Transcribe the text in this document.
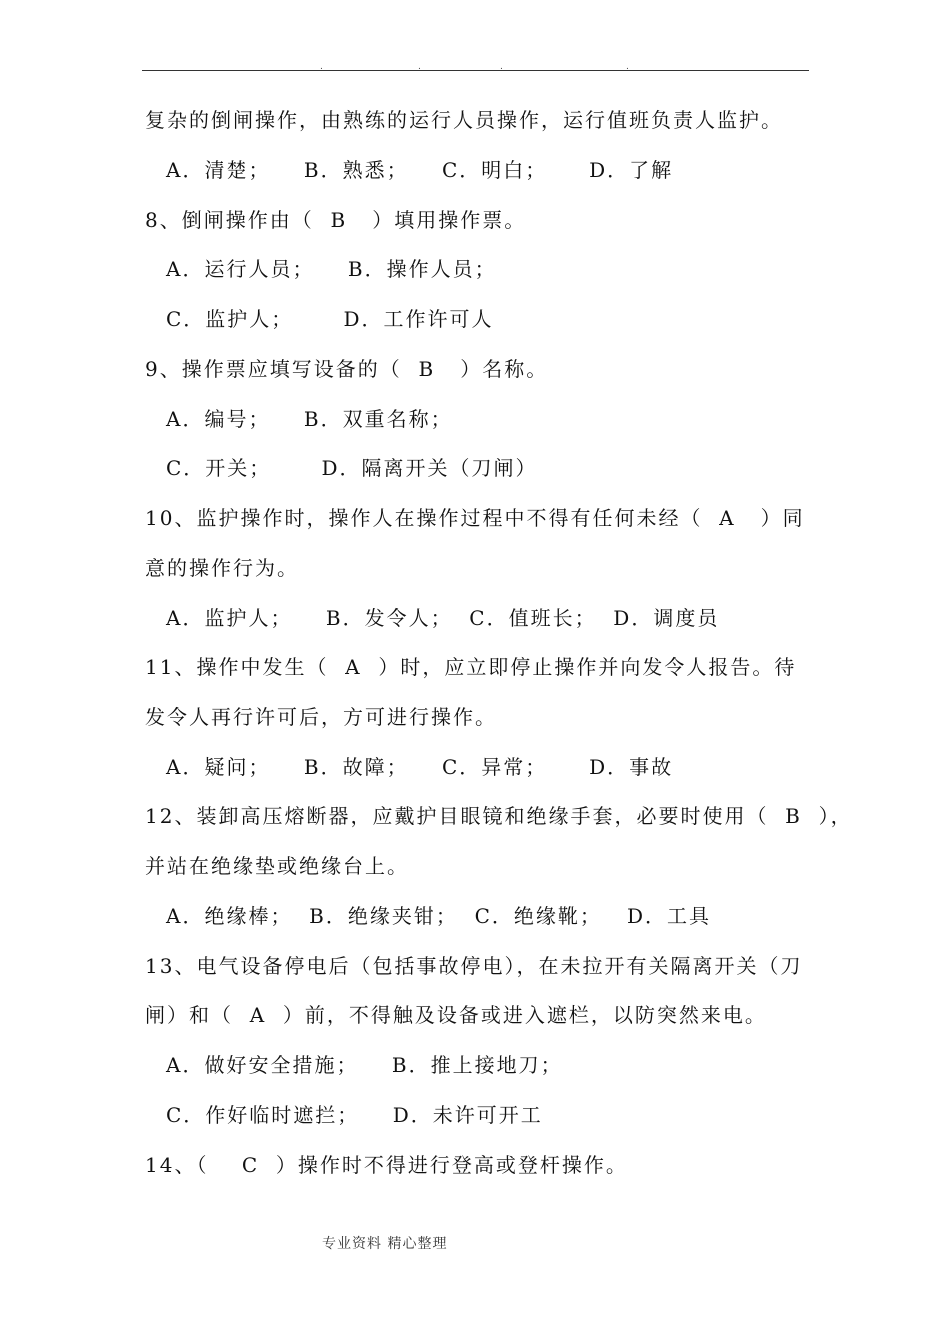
.	.	.	.
复杂的倒闸操作，由熟练的运行人员操作，运行值班负责人监护。
A．清楚；    B．熟悉；    C．明白；     D．了解
8、倒闸操作由（  B   ）填用操作票。
A．运行人员；    B．操作人员；
C．监护人；      D．工作许可人
9、操作票应填写设备的（  B   ）名称。
A．编号；    B．双重名称；
C．开关；      D．隔离开关（刀闸）
10、监护操作时，操作人在操作过程中不得有任何未经（  A   ）同
意的操作行为。
A．监护人；    B．发令人；  C．值班长；  D．调度员
11、操作中发生（  A  ）时，应立即停止操作并向发令人报告。待
发令人再行许可后，方可进行操作。
A．疑问；    B．故障；    C．异常；     D．事故
12、装卸高压熔断器，应戴护目眼镜和绝缘手套，必要时使用（  B  ），
并站在绝缘垫或绝缘台上。
A．绝缘棒；  B．绝缘夹钳；  C．绝缘靴；   D．工具
13、电气设备停电后（包括事故停电），在未拉开有关隔离开关（刀
闸）和（  A  ）前，不得触及设备或进入遮栏，以防突然来电。
A．做好安全措施；    B．推上接地刀；
C．作好临时遮拦；    D．未许可开工
14、（    C  ）操作时不得进行登高或登杆操作。
专业资料 精心整理
